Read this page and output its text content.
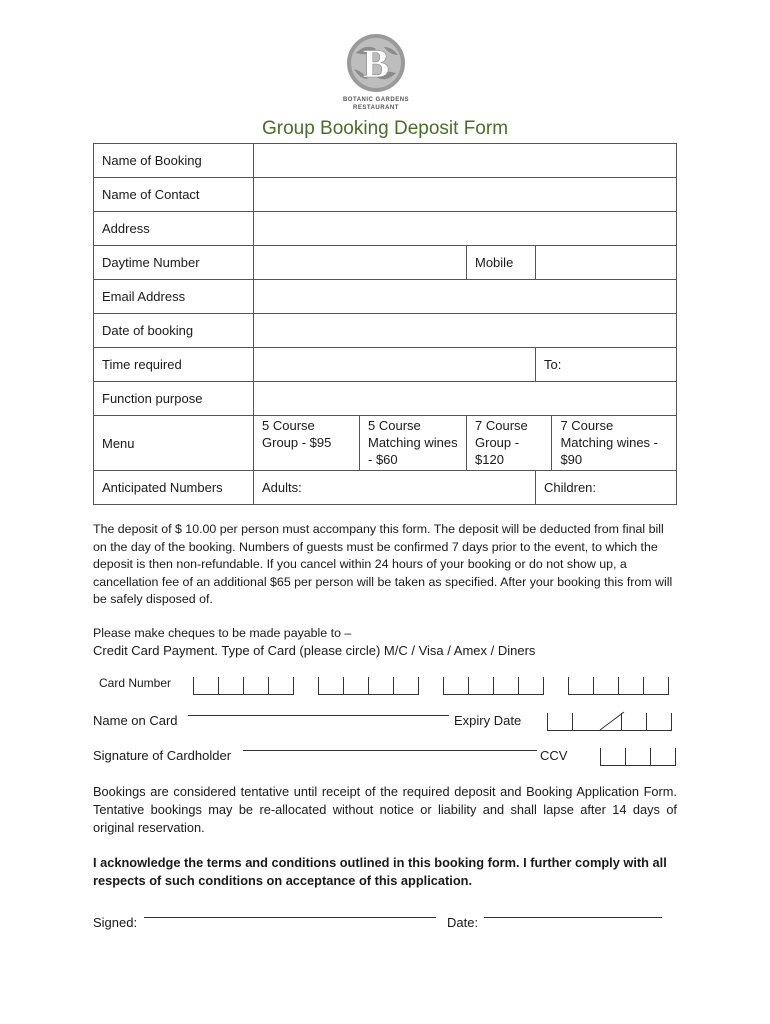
B
BOTANIC GARDENS RESTAURANT
Group Booking Deposit Form
Name of Booking					
Name of Contact					
Address					
Daytime Number			Mobile		
Email Address					
Date of booking					
Time required				To:	
Function purpose					
Menu	5 Course Group - $95	5 Course Matching wines - $60	7 Course Group - $120		7 Course Matching wines - $90
Anticipated Numbers	Adults:			Children:	
The deposit of $ 10.00 per person must accompany this form. The deposit will be deducted from final bill on the day of the booking. Numbers of guests must be confirmed 7 days prior to the event, to which the deposit is then non-refundable. If you cancel within 24 hours of your booking or do not show up, a cancellation fee of an additional $65 per person will be taken as specified. After your booking this from will be safely disposed of.
Please make cheques to be made payable to –
Credit Card Payment. Type of Card (please circle) M/C / Visa / Amex / Diners
Card Number
Name on Card	Expiry Date
Signature of Cardholder	CCV
Bookings are considered tentative until receipt of the required deposit and Booking Application Form. Tentative bookings may be re-allocated without notice or liability and shall lapse after 14 days of original reservation.
I acknowledge the terms and conditions outlined in this booking form. I further comply with all respects of such conditions on acceptance of this application.
Signed:	Date:
